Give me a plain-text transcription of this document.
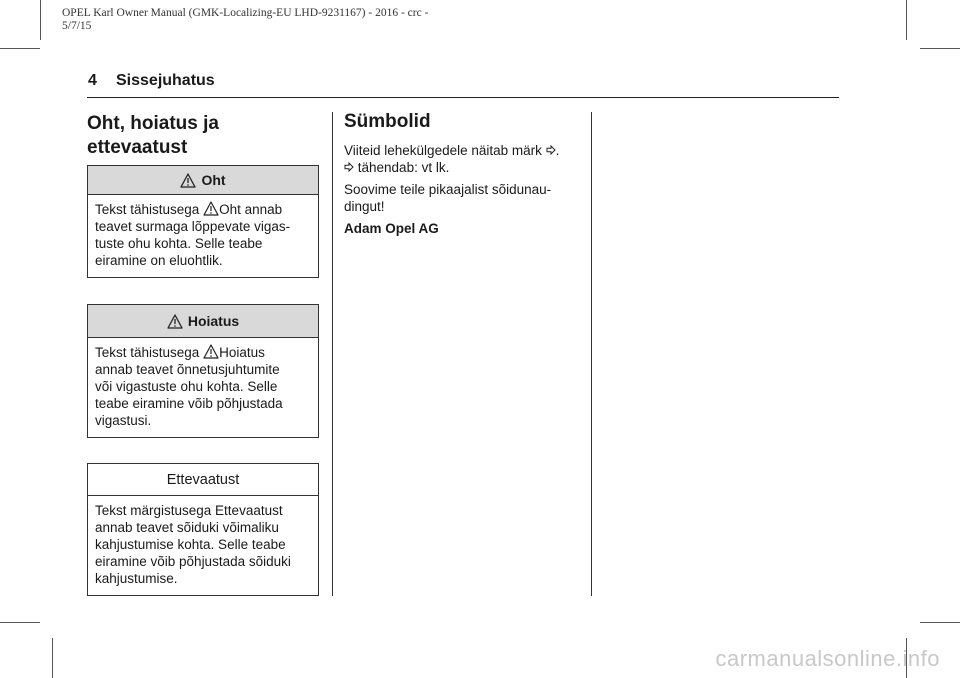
OPEL Karl Owner Manual (GMK-Localizing-EU LHD-9231167) - 2016 - crc -
5/7/15
4 Sissejuhatus
Oht, hoiatus ja
ettevaatust
Oht
Tekst tähistusega Oht annab
teavet surmaga lõppevate vigas-
tuste ohu kohta. Selle teabe
eiramine on eluohtlik.
Hoiatus
Tekst tähistusega Hoiatus
annab teavet õnnetusjuhtumite
või vigastuste ohu kohta. Selle
teabe eiramine võib põhjustada
vigastusi.
Ettevaatust
Tekst märgistusega Ettevaatust
annab teavet sõiduki võimaliku
kahjustumise kohta. Selle teabe
eiramine võib põhjustada sõiduki
kahjustumise.
Sümbolid
Viiteid lehekülgedele näitab märk .
tähendab: vt lk.
Soovime teile pikaajalist sõidunau-
dingut!
Adam Opel AG
carmanualsonline.info
